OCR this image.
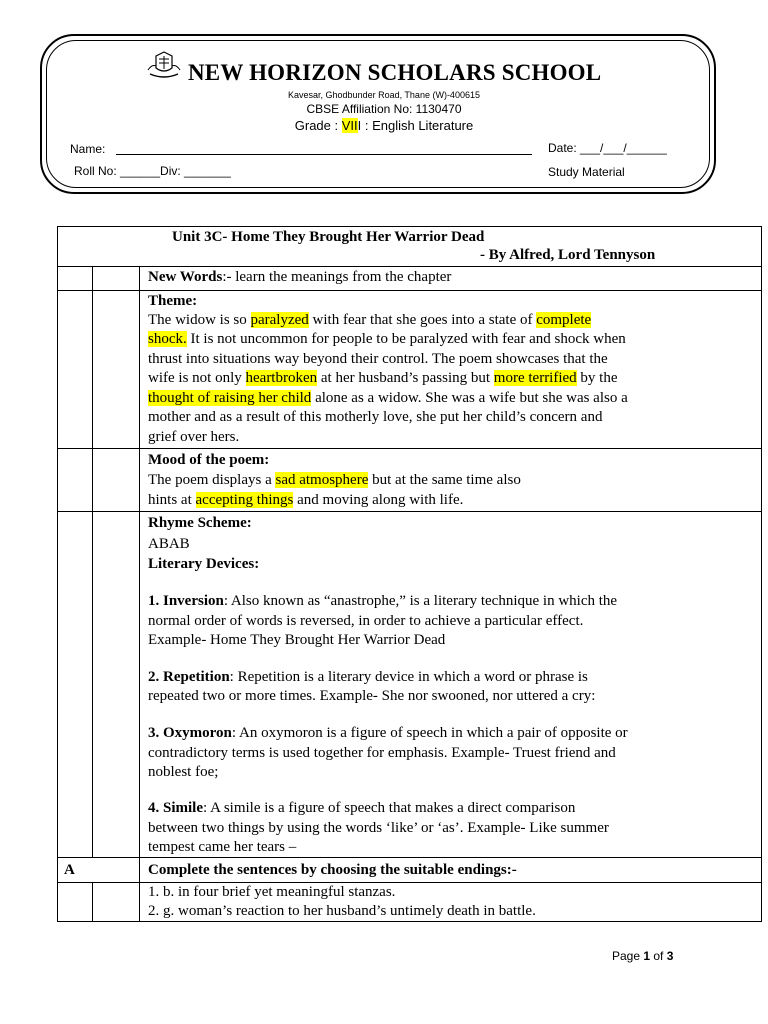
NEW HORIZON SCHOLARS SCHOOL
Kavesar, Ghodbunder Road, Thane (W)-400615
CBSE Affiliation No: 1130470
Grade : VIII : English Literature
Name:	Date: ___/___/______
Roll No: ______Div: _______	Study Material
Unit 3C- Home They Brought Her Warrior Dead
- By Alfred, Lord Tennyson
New Words:- learn the meanings from the chapter
Theme:
The widow is so paralyzed with fear that she goes into a state of complete
shock. It is not uncommon for people to be paralyzed with fear and shock when
thrust into situations way beyond their control. The poem showcases that the
wife is not only heartbroken at her husband’s passing but more terrified by the
thought of raising her child alone as a widow. She was a wife but she was also a
mother and as a result of this motherly love, she put her child’s concern and
grief over hers.
Mood of the poem:
The poem displays a sad atmosphere but at the same time also
hints at accepting things and moving along with life.
Rhyme Scheme:
ABAB
Literary Devices:
1. Inversion: Also known as “anastrophe,” is a literary technique in which the
normal order of words is reversed, in order to achieve a particular effect.
Example- Home They Brought Her Warrior Dead
2. Repetition: Repetition is a literary device in which a word or phrase is
repeated two or more times. Example- She nor swooned, nor uttered a cry:
3. Oxymoron: An oxymoron is a figure of speech in which a pair of opposite or
contradictory terms is used together for emphasis. Example- Truest friend and
noblest foe;
4. Simile: A simile is a figure of speech that makes a direct comparison
between two things by using the words ‘like’ or ‘as’. Example- Like summer
tempest came her tears –
A	Complete the sentences by choosing the suitable endings:-
1. b. in four brief yet meaningful stanzas.
2. g. woman’s reaction to her husband’s untimely death in battle.
Page 1 of 3
